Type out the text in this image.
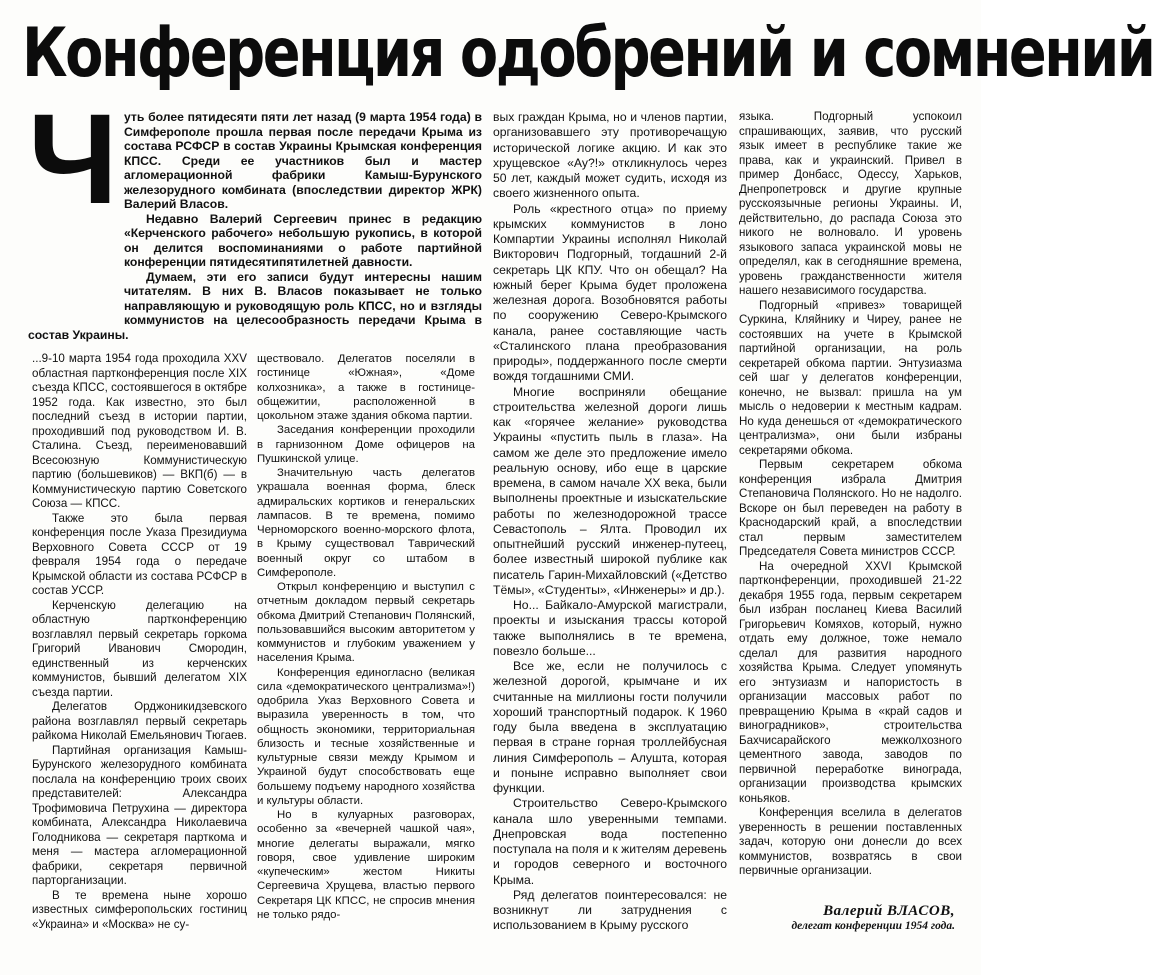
Конференция одобрений и сомнений
Ч уть более пятидесяти пяти лет назад (9 марта 1954 года) в Симферополе прошла первая после передачи Крыма из состава РСФСР в состав Украины Крымская конференция КПСС. Среди ее участников был и мастер агломерационной фабрики Камыш-Бурунского железорудного комбината (впоследствии директор ЖРК) Валерий Власов.

Недавно Валерий Сергеевич принес в редакцию «Керченского рабочего» небольшую рукопись, в которой он делится воспоминаниями о работе партийной конференции пятидесятипятилетней давности.

Думаем, эти его записи будут интересны нашим читателям. В них В. Власов показывает не только направляющую и руководящую роль КПСС, но и взгляды коммунистов на целесообразность передачи Крыма в состав Украины.

...9-10 марта 1954 года проходила XXV областная партконференция после XIX съезда КПСС, состоявшегося в октябре 1952 года. Как известно, это был последний съезд в истории партии, проходивший под руководством И. В. Сталина. Съезд, переименовавший Всесоюзную Коммунистическую партию (большевиков) — ВКП(б) — в Коммунистическую партию Советского Союза — КПСС.

Также это была первая конференция после Указа Президиума Верховного Совета СССР от 19 февраля 1954 года о передаче Крымской области из состава РСФСР в состав УССР.

Керченскую делегацию на областную партконференцию возглавлял первый секретарь горкома Григорий Иванович Смородин, единственный из керченских коммунистов, бывший делегатом XIX съезда партии.

Делегатов Орджоникидзевского района возглавлял первый секретарь райкома Николай Емельянович Тюгаев.

Партийная организация Камыш-Бурунского железорудного комбината послала на конференцию троих своих представителей: Александра Трофимовича Петрухина — директора комбината, Александра Николаевича Голодникова — секретаря парткома и меня — мастера агломерационной фабрики, секретаря первичной парторганизации.

В те времена ныне хорошо известных симферопольских гостиниц «Украина» и «Москва» не су-

ществовало. Делегатов поселяли в гостинице «Южная», «Доме колхозника», а также в гостинице-общежитии, расположенной в цокольном этаже здания обкома партии.

Заседания конференции проходили в гарнизонном Доме офицеров на Пушкинской улице.

Значительную часть делегатов украшала военная форма, блеск адмиральских кортиков и генеральских лампасов. В те времена, помимо Черноморского военно-морского флота, в Крыму существовал Таврический военный округ со штабом в Симферополе.

Открыл конференцию и выступил с отчетным докладом первый секретарь обкома Дмитрий Степанович Полянский, пользовавшийся высоким авторитетом у коммунистов и глубоким уважением у населения Крыма.

Конференция единогласно (великая сила «демократического централизма»!) одобрила Указ Верховного Совета и выразила уверенность в том, что общность экономики, территориальная близость и тесные хозяйственные и культурные связи между Крымом и Украиной будут способствовать еще большему подъему народного хозяйства и культуры области.

Но в кулуарных разговорах, особенно за «вечерней чашкой чая», многие делегаты выражали, мягко говоря, свое удивление широким «купеческим» жестом Никиты Сергеевича Хрущева, властью первого Секретаря ЦК КПСС, не спросив мнения не только рядо-

вых граждан Крыма, но и членов партии, организовавшего эту противоречащую исторической логике акцию. И как это хрущевское «Ау?!» откликнулось через 50 лет, каждый может судить, исходя из своего жизненного опыта.

Роль «крестного отца» по приему крымских коммунистов в лоно Компартии Украины исполнял Николай Викторович Подгорный, тогдашний 2-й секретарь ЦК КПУ. Что он обещал? На южный берег Крыма будет проложена железная дорога. Возобновятся работы по сооружению Северо-Крымского канала, ранее составляющие часть «Сталинского плана преобразования природы», поддержанного после смерти вождя тогдашними СМИ.

Многие восприняли обещание строительства железной дороги лишь как «горячее желание» руководства Украины «пустить пыль в глаза». На самом же деле это предложение имело реальную основу, ибо еще в царские времена, в самом начале XX века, были выполнены проектные и изыскательские работы по железнодорожной трассе Севастополь – Ялта. Проводил их опытнейший русский инженер-путеец, более известный широкой публике как писатель Гарин-Михайловский («Детство Тёмы», «Студенты», «Инженеры» и др.).

Но... Байкало-Амурской магистрали, проекты и изыскания трассы которой также выполнялись в те времена, повезло больше...

Все же, если не получилось с железной дорогой, крымчане и их считанные на миллионы гости получили хороший транспортный подарок. К 1960 году была введена в эксплуатацию первая в стране горная троллейбусная линия Симферополь – Алушта, которая и поныне исправно выполняет свои функции.

Строительство Северо-Крымского канала шло уверенными темпами. Днепровская вода постепенно поступала на поля и к жителям деревень и городов северного и восточного Крыма.

Ряд делегатов поинтересовался: не возникнут ли затруднения с использованием в Крыму русского

языка. Подгорный успокоил спрашивающих, заявив, что русский язык имеет в республике такие же права, как и украинский. Привел в пример Донбасс, Одессу, Харьков, Днепропетровск и другие крупные русскоязычные регионы Украины. И, действительно, до распада Союза это никого не волновало. И уровень языкового запаса украинской мовы не определял, как в сегодняшние времена, уровень гражданственности жителя нашего независимого государства.

Подгорный «привез» товарищей Суркина, Кляйнику и Чиреу, ранее не состоявших на учете в Крымской партийной организации, на роль секретарей обкома партии. Энтузиазма сей шаг у делегатов конференции, конечно, не вызвал: пришла на ум мысль о недоверии к местным кадрам. Но куда денешься от «демократического централизма», они были избраны секретарями обкома.

Первым секретарем обкома конференция избрала Дмитрия Степановича Полянского. Но не надолго. Вскоре он был переведен на работу в Краснодарский край, а впоследствии стал первым заместителем Председателя Совета министров СССР.

На очередной XXVI Крымской партконференции, проходившей 21-22 декабря 1955 года, первым секретарем был избран посланец Киева Василий Григорьевич Комяхов, который, нужно отдать ему должное, тоже немало сделал для развития народного хозяйства Крыма. Следует упомянуть его энтузиазм и напористость в организации массовых работ по превращению Крыма в «край садов и виноградников», строительства Бахчисарайского межколхозного цементного завода, заводов по первичной переработке винограда, организации производства крымских коньяков.

Конференция вселила в делегатов уверенность в решении поставленных задач, которую они донесли до всех коммунистов, возвратясь в свои первичные организации.

Валерий ВЛАСОВ,
делегат конференции 1954 года.
